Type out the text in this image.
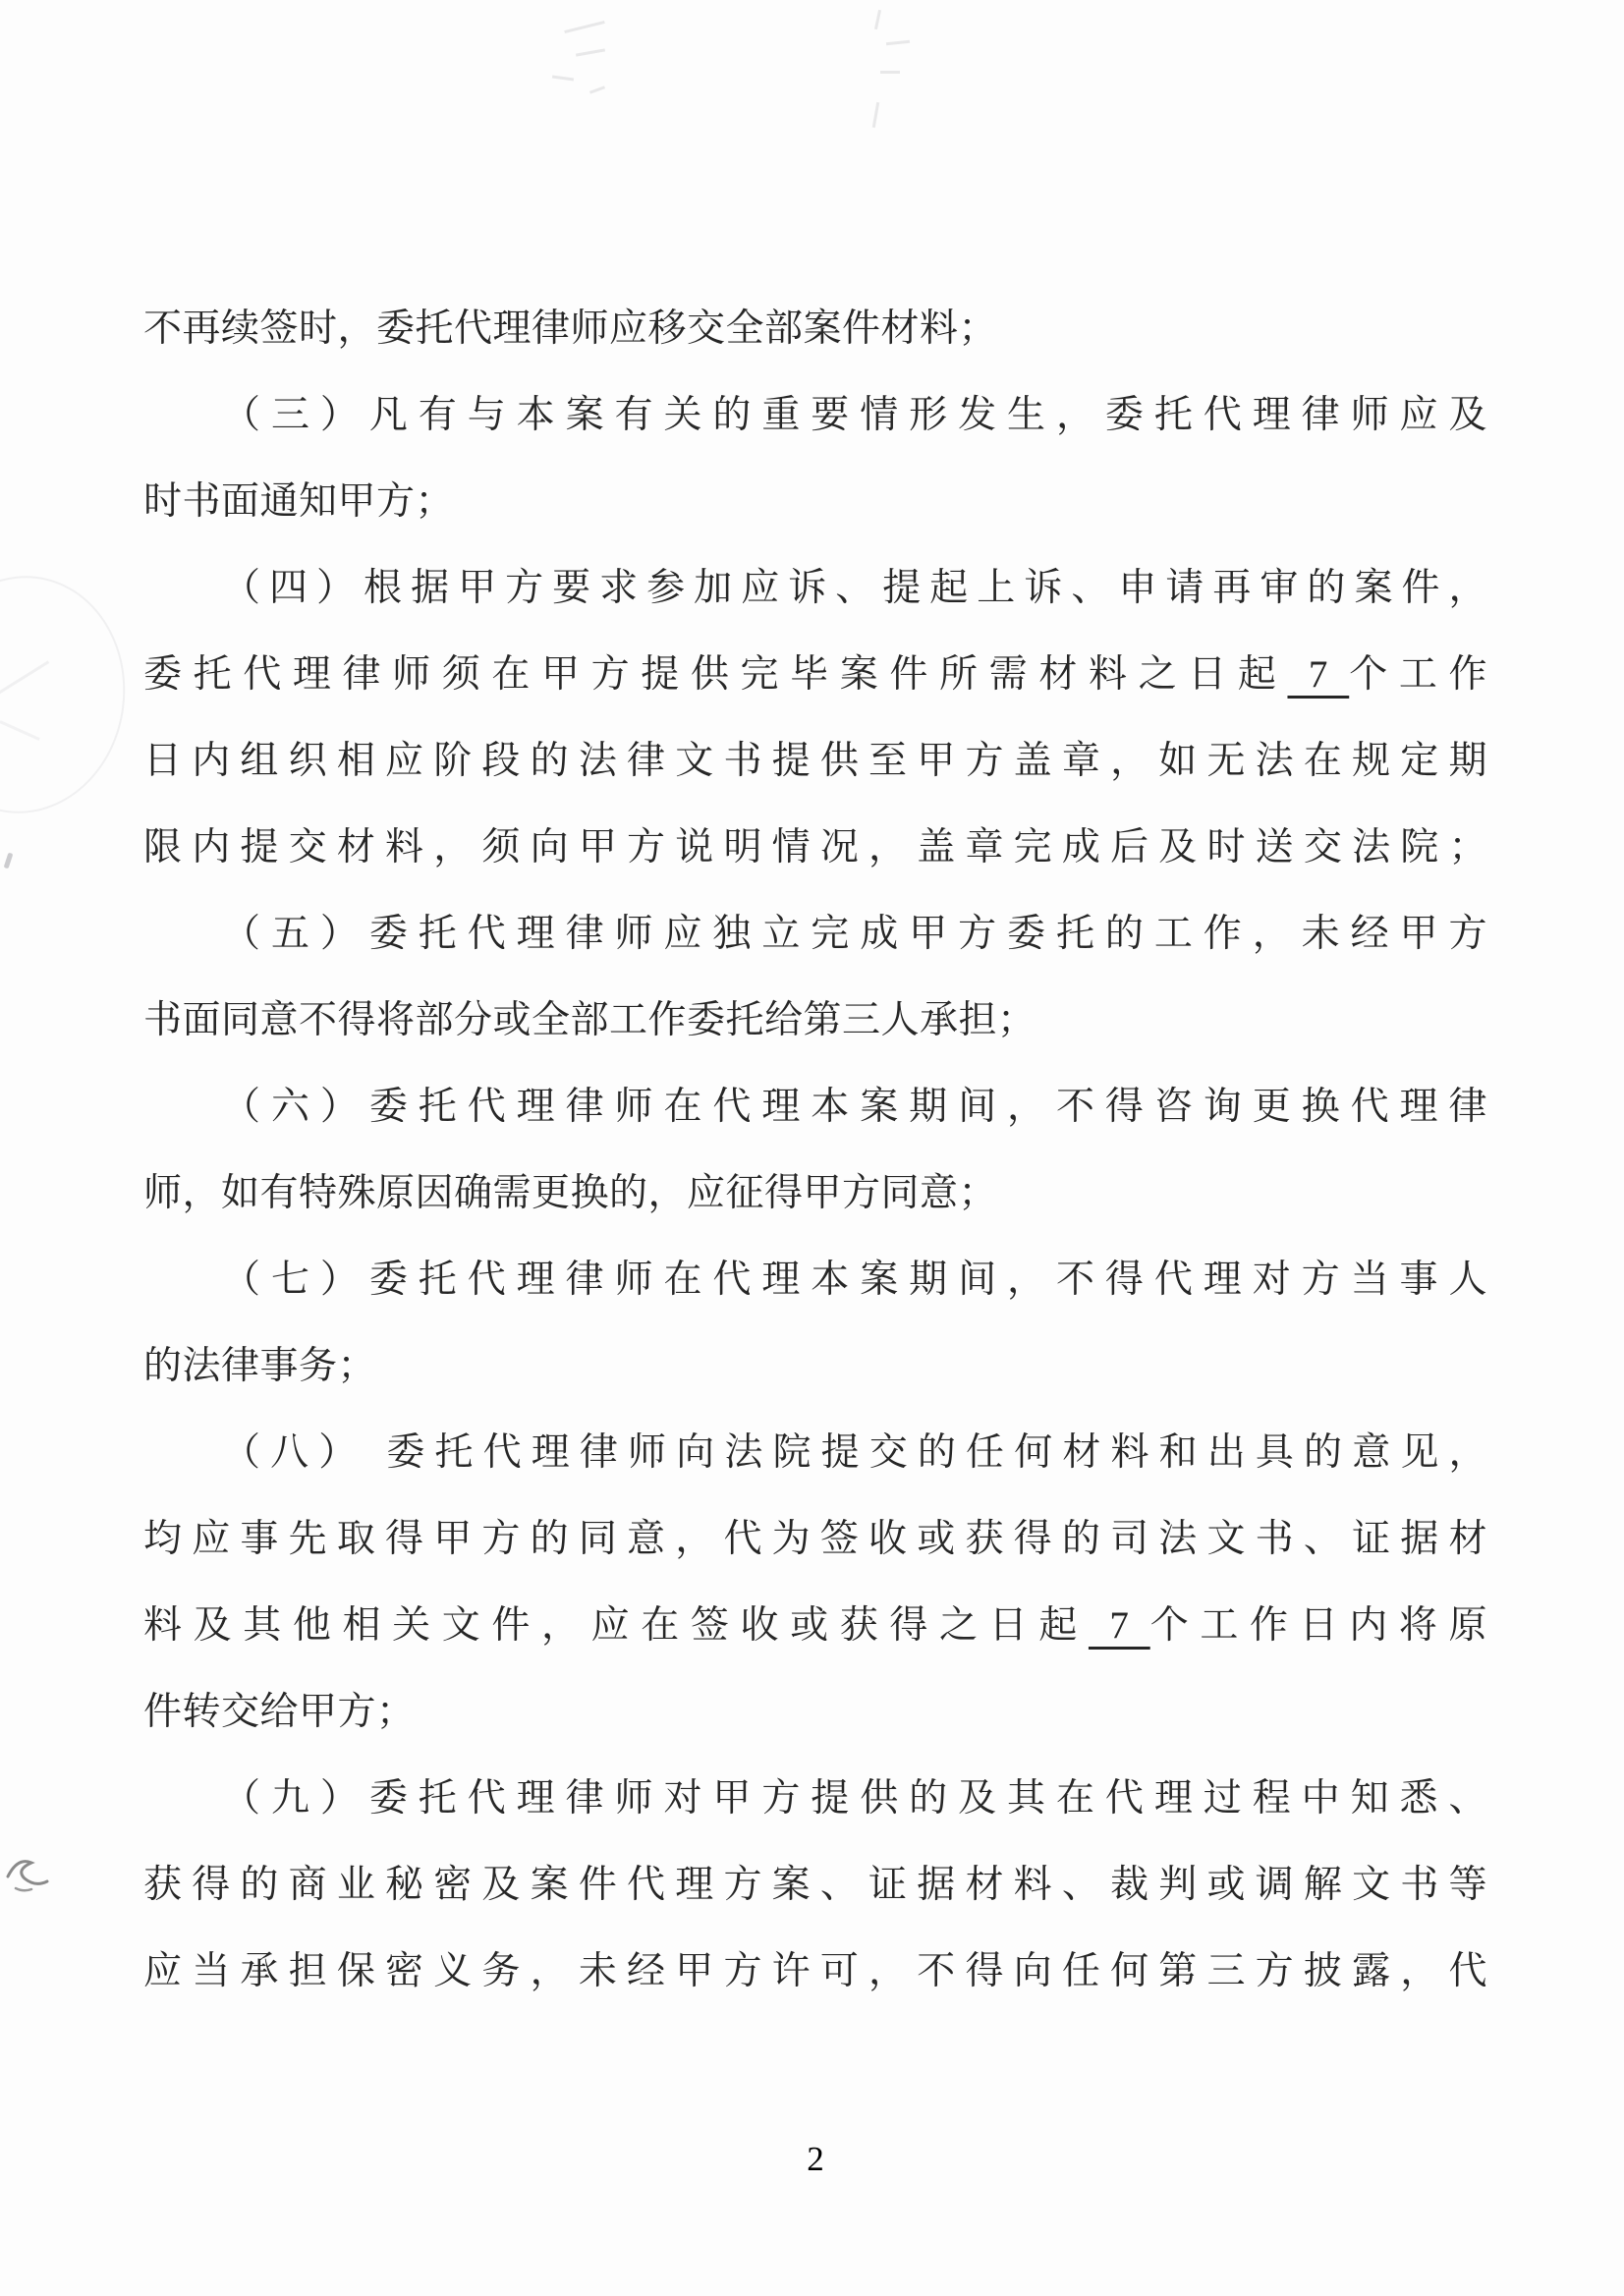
不再续签时，委托代理律师应移交全部案件材料；
（三）凡有与本案有关的重要情形发生，委托代理律师应及
时书面通知甲方；
（四）根据甲方要求参加应诉、提起上诉、申请再审的案件，
委托代理律师须在甲方提供完毕案件所需材料之日起 7 个工作
日内组织相应阶段的法律文书提供至甲方盖章，如无法在规定期
限内提交材料，须向甲方说明情况，盖章完成后及时送交法院；
（五）委托代理律师应独立完成甲方委托的工作，未经甲方
书面同意不得将部分或全部工作委托给第三人承担；
（六）委托代理律师在代理本案期间，不得咨询更换代理律
师，如有特殊原因确需更换的，应征得甲方同意；
（七）委托代理律师在代理本案期间，不得代理对方当事人
的法律事务；
（八） 委托代理律师向法院提交的任何材料和出具的意见，
均应事先取得甲方的同意，代为签收或获得的司法文书、证据材
料及其他相关文件，应在签收或获得之日起 7 个工作日内将原
件转交给甲方；
（九）委托代理律师对甲方提供的及其在代理过程中知悉、
获得的商业秘密及案件代理方案、证据材料、裁判或调解文书等
应当承担保密义务，未经甲方许可，不得向任何第三方披露，代
2
